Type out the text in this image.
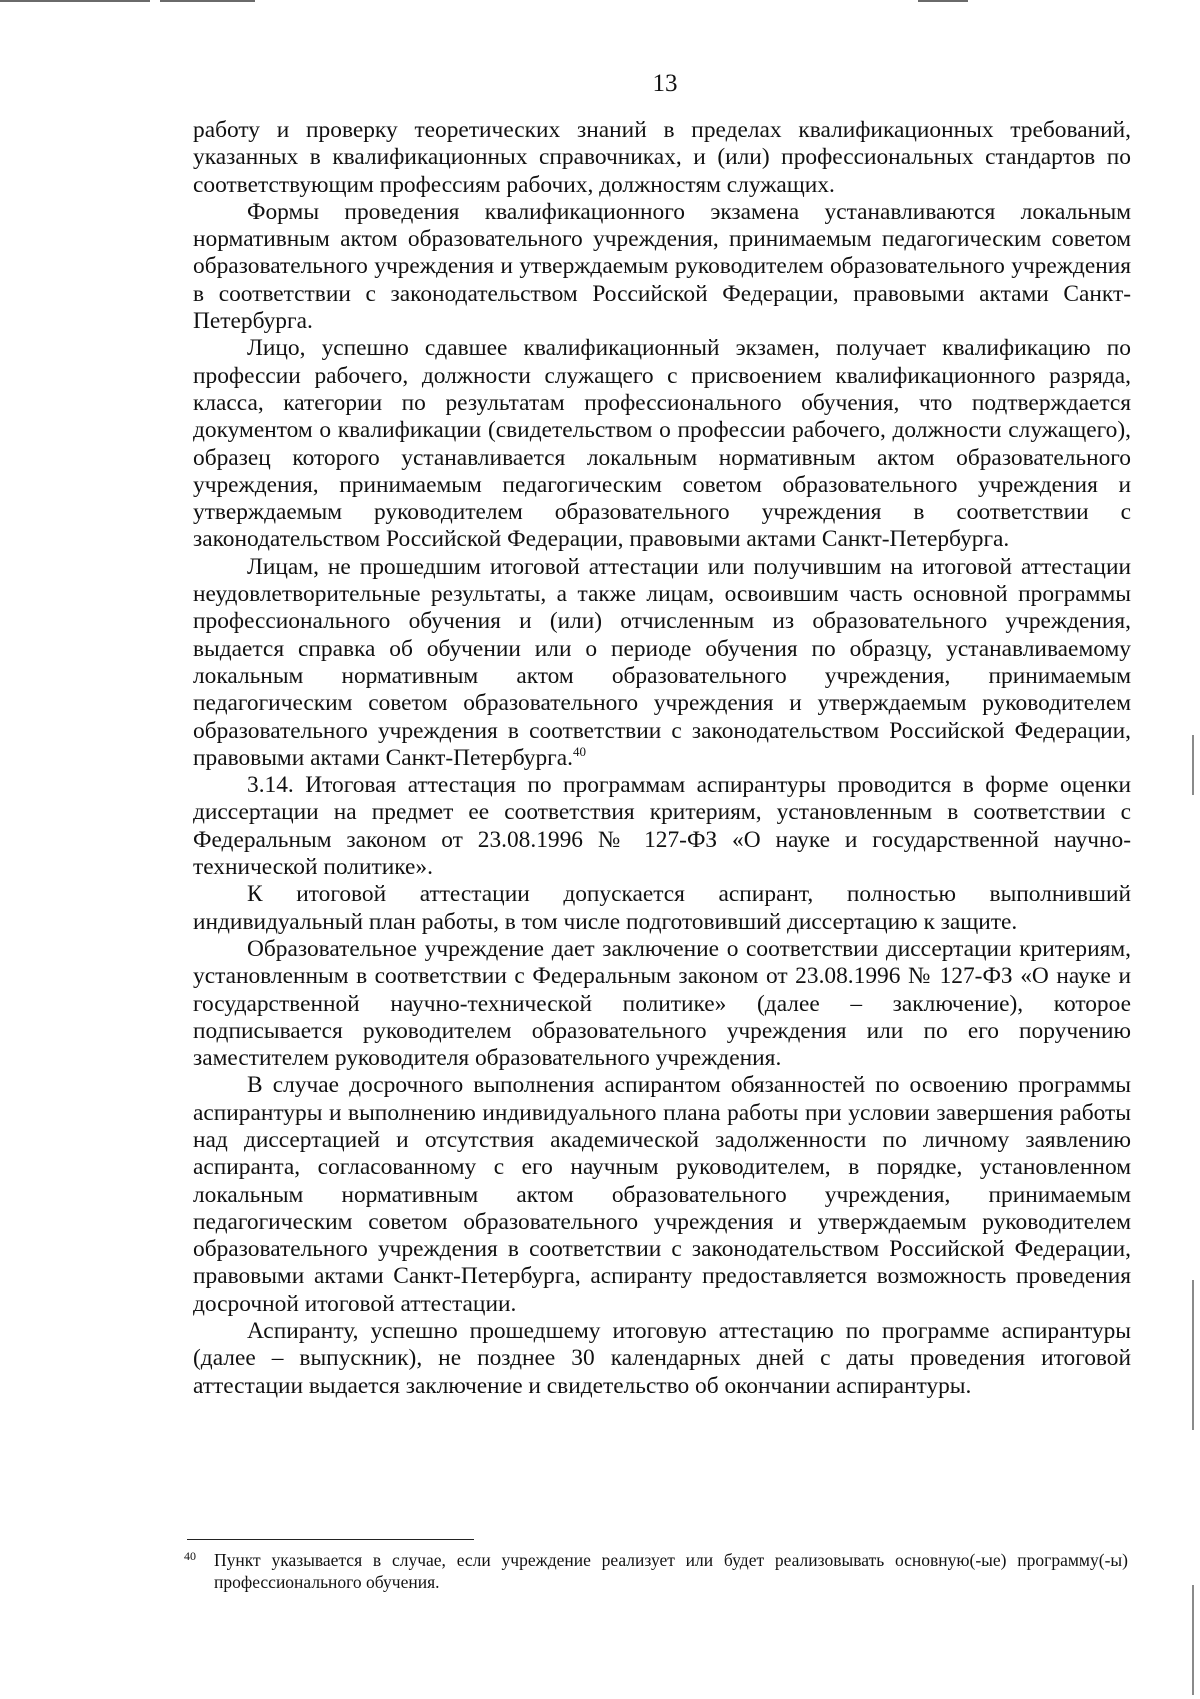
13

работу и проверку теоретических знаний в пределах квалификационных требований, указанных в квалификационных справочниках, и (или) профессиональных стандартов по соответствующим профессиям рабочих, должностям служащих.

Формы проведения квалификационного экзамена устанавливаются локальным нормативным актом образовательного учреждения, принимаемым педагогическим советом образовательного учреждения и утверждаемым руководителем образовательного учреждения в соответствии с законодательством Российской Федерации, правовыми актами Санкт-Петербурга.

Лицо, успешно сдавшее квалификационный экзамен, получает квалификацию по профессии рабочего, должности служащего с присвоением квалификационного разряда, класса, категории по результатам профессионального обучения, что подтверждается документом о квалификации (свидетельством о профессии рабочего, должности служащего), образец которого устанавливается локальным нормативным актом образовательного учреждения, принимаемым педагогическим советом образовательного учреждения и утверждаемым руководителем образовательного учреждения в соответствии с законодательством Российской Федерации, правовыми актами Санкт-Петербурга.

Лицам, не прошедшим итоговой аттестации или получившим на итоговой аттестации неудовлетворительные результаты, а также лицам, освоившим часть основной программы профессионального обучения и (или) отчисленным из образовательного учреждения, выдается справка об обучении или о периоде обучения по образцу, устанавливаемому локальным нормативным актом образовательного учреждения, принимаемым педагогическим советом образовательного учреждения и утверждаемым руководителем образовательного учреждения в соответствии с законодательством Российской Федерации, правовыми актами Санкт-Петербурга.$^{40}$

3.14. Итоговая аттестация по программам аспирантуры проводится в форме оценки диссертации на предмет ее соответствия критериям, установленным в соответствии с Федеральным законом от 23.08.1996 № 127-ФЗ «О науке и государственной научно-технической политике».

К итоговой аттестации допускается аспирант, полностью выполнивший индивидуальный план работы, в том числе подготовивший диссертацию к защите.

Образовательное учреждение дает заключение о соответствии диссертации критериям, установленным в соответствии с Федеральным законом от 23.08.1996 № 127-ФЗ «О науке и государственной научно-технической политике» (далее – заключение), которое подписывается руководителем образовательного учреждения или по его поручению заместителем руководителя образовательного учреждения.

В случае досрочного выполнения аспирантом обязанностей по освоению программы аспирантуры и выполнению индивидуального плана работы при условии завершения работы над диссертацией и отсутствия академической задолженности по личному заявлению аспиранта, согласованному с его научным руководителем, в порядке, установленном локальным нормативным актом образовательного учреждения, принимаемым педагогическим советом образовательного учреждения и утверждаемым руководителем образовательного учреждения в соответствии с законодательством Российской Федерации, правовыми актами Санкт-Петербурга, аспиранту предоставляется возможность проведения досрочной итоговой аттестации.

Аспиранту, успешно прошедшему итоговую аттестацию по программе аспирантуры (далее – выпускник), не позднее 30 календарных дней с даты проведения итоговой аттестации выдается заключение и свидетельство об окончании аспирантуры.

40	Пункт указывается в случае, если учреждение реализует или будет реализовывать основную(-ые) программу(-ы) профессионального обучения.
